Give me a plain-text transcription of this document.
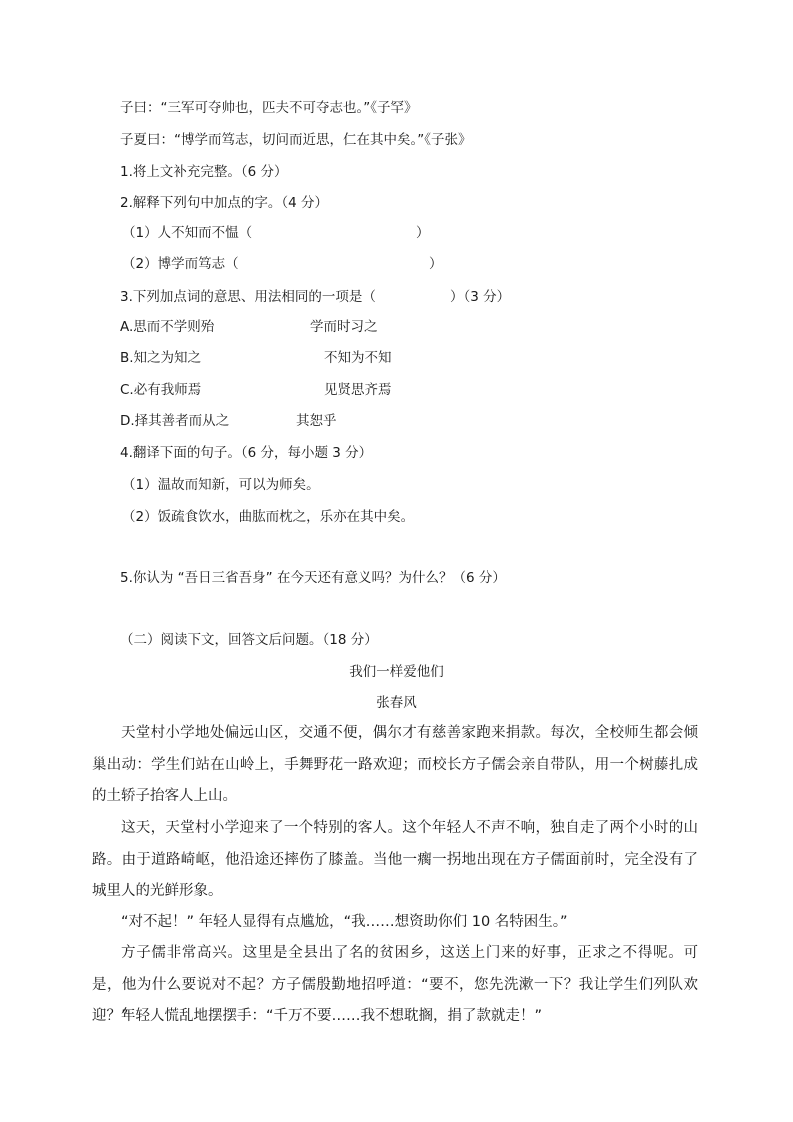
子曰：“三军可夺帅也，匹夫不可夺志也。”《子罕》
子夏曰：“博学而笃志，切问而近思，仁在其中矣。”《子张》
1.将上文补充完整。（6 分）
2.解释下列句中加点的字。（4 分）
（1）人不知而不愠（	）
（2）博学而笃志（	）
3.下列加点词的意思、用法相同的一项是（	）（3 分）
A.思而不学则殆	学而时习之
B.知之为知之	不知为不知
C.必有我师焉	见贤思齐焉
D.择其善者而从之	其恕乎
4.翻译下面的句子。（6 分，每小题 3 分）
（1）温故而知新，可以为师矣。
（2）饭疏食饮水，曲肱而枕之，乐亦在其中矣。
5.你认为 “吾日三省吾身” 在今天还有意义吗？为什么？（6 分）
（二）阅读下文，回答文后问题。（18 分）
我们一样爱他们
张春风
天堂村小学地处偏远山区，交通不便，偶尔才有慈善家跑来捐款。每次，全校师生都会倾巢出动：学生们站在山岭上，手舞野花一路欢迎；而校长方子儒会亲自带队，用一个树藤扎成的土轿子抬客人上山。
这天，天堂村小学迎来了一个特别的客人。这个年轻人不声不响，独自走了两个小时的山路。由于道路崎岖，他沿途还摔伤了膝盖。当他一瘸一拐地出现在方子儒面前时，完全没有了城里人的光鲜形象。
“对不起！” 年轻人显得有点尴尬，“我……想资助你们 10 名特困生。”
方子儒非常高兴。这里是全县出了名的贫困乡，这送上门来的好事，正求之不得呢。可是，他为什么要说对不起？方子儒殷勤地招呼道：“要不，您先洗漱一下？我让学生们列队欢迎？”
年轻人慌乱地摆摆手：“千万不要……我不想耽搁，捐了款就走！”
